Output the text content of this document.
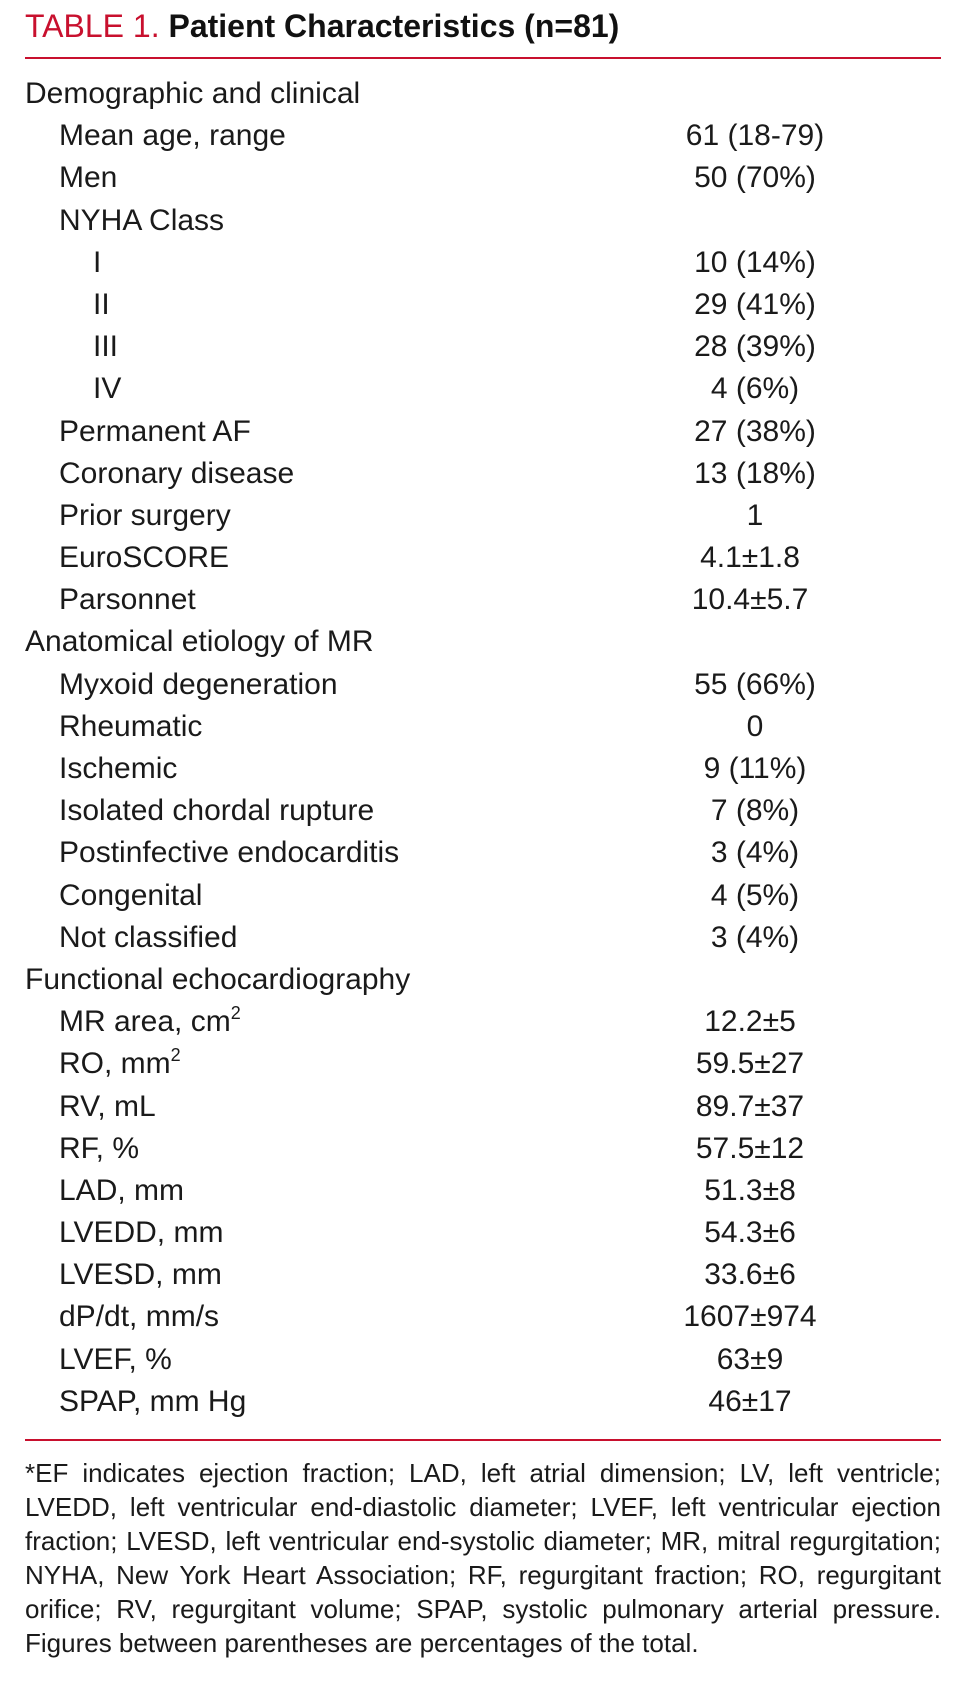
TABLE 1. Patient Characteristics (n=81)
Demographic and clinical
Mean age, range	61 (18-79)
Men	50 (70%)
NYHA Class
I	10 (14%)
II	29 (41%)
III	28 (39%)
IV	4 (6%)
Permanent AF	27 (38%)
Coronary disease	13 (18%)
Prior surgery	1
EuroSCORE	4.1±1.8
Parsonnet	10.4±5.7
Anatomical etiology of MR
Myxoid degeneration	55 (66%)
Rheumatic	0
Ischemic	9 (11%)
Isolated chordal rupture	7 (8%)
Postinfective endocarditis	3 (4%)
Congenital	4 (5%)
Not classified	3 (4%)
Functional echocardiography
MR area, $cm^2$	12.2±5
RO, $mm^2$	59.5±27
RV, mL	89.7±37
RF, %	57.5±12
LAD, mm	51.3±8
LVEDD, mm	54.3±6
LVESD, mm	33.6±6
dP/dt, mm/s	1607±974
LVEF, %	63±9
SPAP, mm Hg	46±17
*EF indicates ejection fraction; LAD, left atrial dimension; LV, left ventricle; LVEDD, left ventricular end-diastolic diameter; LVEF, left ventricular ejection fraction; LVESD, left ventricular end-systolic diameter; MR, mitral regurgitation; NYHA, New York Heart Association; RF, regurgitant fraction; RO, regurgitant orifice; RV, regurgitant volume; SPAP, systolic pulmonary arterial pressure. Figures between parentheses are percentages of the total.
